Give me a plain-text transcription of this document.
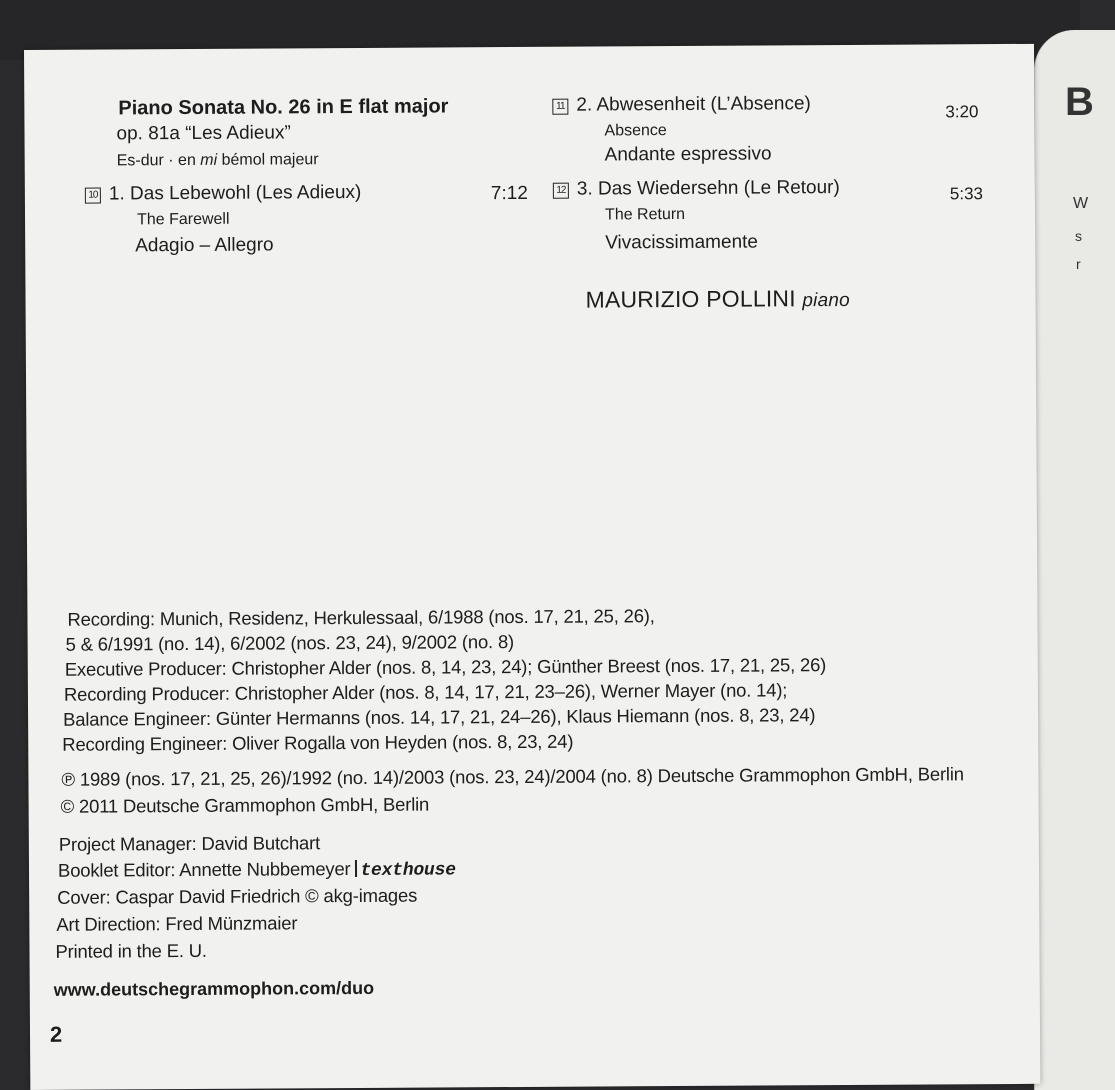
B
W
s
r
Piano Sonata No. 26 in E flat major
op. 81a “Les Adieux”
Es-dur · en mi bémol majeur
10 1. Das Lebewohl (Les Adieux)	7:12
The Farewell
Adagio – Allegro
11 2. Abwesenheit (L’Absence)	3:20
Absence
Andante espressivo
12 3. Das Wiedersehn (Le Retour)	5:33
The Return
Vivacissimamente
MAURIZIO POLLINI piano
Recording: Munich, Residenz, Herkulessaal, 6/1988 (nos. 17, 21, 25, 26),
5 & 6/1991 (no. 14), 6/2002 (nos. 23, 24), 9/2002 (no. 8)
Executive Producer: Christopher Alder (nos. 8, 14, 23, 24); Günther Breest (nos. 17, 21, 25, 26)
Recording Producer: Christopher Alder (nos. 8, 14, 17, 21, 23–26), Werner Mayer (no. 14);
Balance Engineer: Günter Hermanns (nos. 14, 17, 21, 24–26), Klaus Hiemann (nos. 8, 23, 24)
Recording Engineer: Oliver Rogalla von Heyden (nos. 8, 23, 24)
℗ 1989 (nos. 17, 21, 25, 26)/1992 (no. 14)/2003 (nos. 23, 24)/2004 (no. 8) Deutsche Grammophon GmbH, Berlin
© 2011 Deutsche Grammophon GmbH, Berlin
Project Manager: David Butchart
Booklet Editor: Annette Nubbemeyer texthouse
Cover: Caspar David Friedrich © akg-images
Art Direction: Fred Münzmaier
Printed in the E. U.
www.deutschegrammophon.com/duo
2
